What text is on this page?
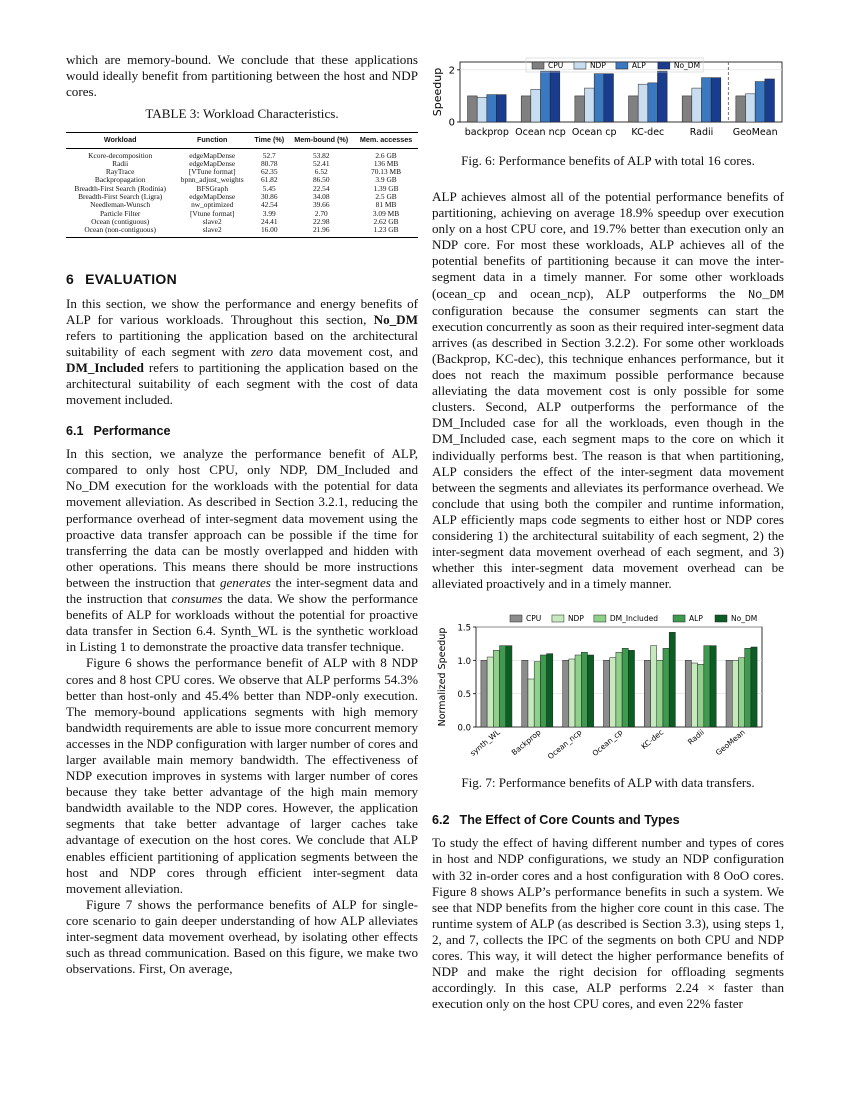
which are memory-bound. We conclude that these applications would ideally benefit from partitioning between the host and NDP cores.

TABLE 3: Workload Characteristics.
Workload	Function	Time (%)	Mem-bound (%)	Mem. accesses
Kcore-decomposition	edgeMapDense	52.7	53.82	2.6 GB
Radii	edgeMapDense	80.78	52.41	136 MB
RayTrace	[VTune format]	62.35	6.52	70.13 MB
Backpropagation	bpnn_adjust_weights	61.82	86.50	3.9 GB
Breadth-First Search (Rodinia)	BFSGraph	5.45	22.54	1.39 GB
Breadth-First Search (Ligra)	edgeMapDense	30.86	34.08	2.5 GB
Needleman-Wunsch	nw_optimized	42.54	39.66	81 MB
Particle Filter	[Vtune format]	3.99	2.70	3.09 MB
Ocean (contiguous)	slave2	24.41	22.98	2.62 GB
Ocean (non-contiguous)	slave2	16.00	21.96	1.23 GB
6 EVALUATION

In this section, we show the performance and energy benefits of ALP for various workloads. Throughout this section, No_DM refers to partitioning the application based on the architectural suitability of each segment with zero data movement cost, and DM_Included refers to partitioning the application based on the architectural suitability of each segment with the cost of data movement included.

6.1 Performance

In this section, we analyze the performance benefit of ALP, compared to only host CPU, only NDP, DM_Included and No_DM execution for the workloads with the potential for data movement alleviation. As described in Section 3.2.1, reducing the performance overhead of inter-segment data movement using the proactive data transfer approach can be possible if the time for transferring the data can be mostly overlapped and hidden with other operations. This means there should be more instructions between the instruction that generates the inter-segment data and the instruction that consumes the data. We show the performance benefits of ALP for workloads without the potential for proactive data transfer in Section 6.4. Synth_WL is the synthetic workload in Listing 1 to demonstrate the proactive data transfer technique.

Figure 6 shows the performance benefit of ALP with 8 NDP cores and 8 host CPU cores. We observe that ALP performs 54.3% better than host-only and 45.4% better than NDP-only execution. The memory-bound applications segments with high memory bandwidth requirements are able to issue more concurrent memory accesses in the NDP configuration with larger number of cores and larger available main memory bandwidth. The effectiveness of NDP execution improves in systems with larger number of cores because they take better advantage of the high main memory bandwidth available to the NDP cores. However, the application segments that take better advantage of larger caches take advantage of execution on the host cores. We conclude that ALP enables efficient partitioning of application segments between the host and NDP cores through efficient inter-segment data movement alleviation.

Figure 7 shows the performance benefits of ALP for single-core scenario to gain deeper understanding of how ALP alleviates inter-segment data movement overhead, by isolating other effects such as thread communication. Based on this figure, we make two observations. First, On average,

0
2
Speedup
backprop Ocean ncp Ocean cp KC-dec	Radii GeoMean
CPU	NDP	ALP	No_DM
Fig. 6: Performance benefits of ALP with total 16 cores.

ALP achieves almost all of the potential performance benefits of partitioning, achieving on average 18.9% speedup over execution only on a host CPU core, and 19.7% better than execution only an NDP core. For most these workloads, ALP achieves all of the potential benefits of partitioning because it can move the inter-segment data in a timely manner. For some other workloads (ocean_cp and ocean_ncp), ALP outperforms the No_DM configuration because the consumer segments can start the execution concurrently as soon as their required inter-segment data arrives (as described in Section 3.2.2). For some other workloads (Backprop, KC-dec), this technique enhances performance, but it does not reach the maximum possible performance because alleviating the data movement cost is only possible for some clusters. Second, ALP outperforms the performance of the DM_Included case for all the workloads, even though in the DM_Included case, each segment maps to the core on which it individually performs best. The reason is that when partitioning, ALP considers the effect of the inter-segment data movement between the segments and alleviates its performance overhead. We conclude that using both the compiler and runtime information, ALP efficiently maps code segments to either host or NDP cores considering 1) the architectural suitability of each segment, 2) the inter-segment data movement overhead of each segment, and 3) whether this inter-segment data movement overhead can be alleviated proactively and in a timely manner.

0.0
0.5
1.0
1.5
Normalized Speedup
synth_WL Backprop Ocean_ncp Ocean_cp KC-dec	Radii GeoMean
CPU	NDP	DM_Included	ALP	No_DM
Fig. 7: Performance benefits of ALP with data transfers.
6.2 The Effect of Core Counts and Types

To study the effect of having different number and types of cores in host and NDP configurations, we study an NDP configuration with 32 in-order cores and a host configuration with 8 OoO cores. Figure 8 shows ALP’s performance benefits in such a system. We see that NDP benefits from the higher core count in this case. The runtime system of ALP (as described is Section 3.3), using steps 1, 2, and 7, collects the IPC of the segments on both CPU and NDP cores. This way, it will detect the higher performance benefits of NDP and make the right decision for offloading segments accordingly. In this case, ALP performs 2.24 × faster than execution only on the host CPU cores, and even 22% faster
